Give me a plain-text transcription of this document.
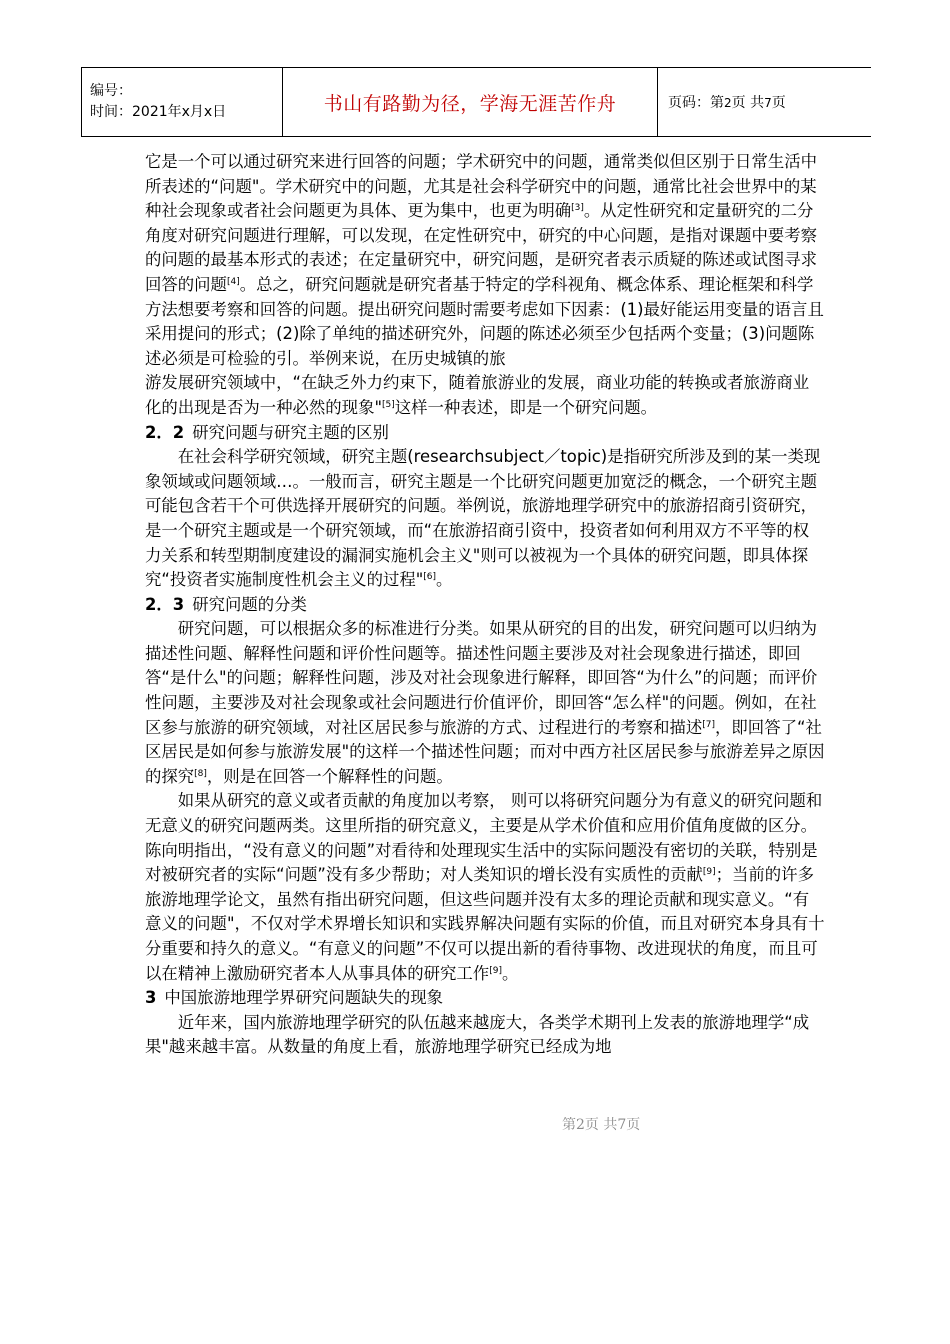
编号：
时间：2021年x月x日	书山有路勤为径，学海无涯苦作舟	页码：第2页 共7页

它是一个可以通过研究来进行回答的问题；学术研究中的问题，通常类似但区别于日常生活中所表述的“问题"。学术研究中的问题，尤其是社会科学研究中的问题，通常比社会世界中的某种社会现象或者社会问题更为具体、更为集中，也更为明确[3]。从定性研究和定量研究的二分角度对研究问题进行理解，可以发现，在定性研究中，研究的中心问题，是指对课题中要考察的问题的最基本形式的表述；在定量研究中，研究问题，是研究者表示质疑的陈述或试图寻求回答的问题[4]。总之，研究问题就是研究者基于特定的学科视角、概念体系、理论框架和科学方法想要考察和回答的问题。提出研究问题时需要考虑如下因素：(1)最好能运用变量的语言且采用提问的形式；(2)除了单纯的描述研究外，问题的陈述必须至少包括两个变量；(3)问题陈述必须是可检验的引。举例来说，在历史城镇的旅

游发展研究领域中，“在缺乏外力约束下，随着旅游业的发展，商业功能的转换或者旅游商业化的出现是否为一种必然的现象"[5]这样一种表述，即是一个研究问题。

2．2 研究问题与研究主题的区别

在社会科学研究领域，研究主题(researchsubject／topic)是指研究所涉及到的某一类现象领域或问题领域…。一般而言，研究主题是一个比研究问题更加宽泛的概念，一个研究主题可能包含若干个可供选择开展研究的问题。举例说，旅游地理学研究中的旅游招商引资研究，是一个研究主题或是一个研究领域，而“在旅游招商引资中，投资者如何利用双方不平等的权力关系和转型期制度建设的漏洞实施机会主义"则可以被视为一个具体的研究问题，即具体探究“投资者实施制度性机会主义的过程"[6]。

2．3 研究问题的分类

研究问题，可以根据众多的标准进行分类。如果从研究的目的出发，研究问题可以归纳为描述性问题、解释性问题和评价性问题等。描述性问题主要涉及对社会现象进行描述，即回答“是什么"的问题；解释性问题，涉及对社会现象进行解释，即回答“为什么”的问题；而评价性问题，主要涉及对社会现象或社会问题进行价值评价，即回答“怎么样"的问题。例如，在社区参与旅游的研究领域，对社区居民参与旅游的方式、过程进行的考察和描述[7]，即回答了“社区居民是如何参与旅游发展"的这样一个描述性问题；而对中西方社区居民参与旅游差异之原因的探究[8]，则是在回答一个解释性的问题。

如果从研究的意义或者贡献的角度加以考察， 则可以将研究问题分为有意义的研究问题和无意义的研究问题两类。这里所指的研究意义，主要是从学术价值和应用价值角度做的区分。陈向明指出，“没有意义的问题”对看待和处理现实生活中的实际问题没有密切的关联，特别是对被研究者的实际“问题”没有多少帮助；对人类知识的增长没有实质性的贡献[9]；当前的许多旅游地理学论文，虽然有指出研究问题，但这些问题并没有太多的理论贡献和现实意义。“有意义的问题"，不仅对学术界增长知识和实践界解决问题有实际的价值，而且对研究本身具有十分重要和持久的意义。“有意义的问题”不仅可以提出新的看待事物、改进现状的角度，而且可以在精神上激励研究者本人从事具体的研究工作[9]。

3 中国旅游地理学界研究问题缺失的现象

近年来，国内旅游地理学研究的队伍越来越庞大，各类学术期刊上发表的旅游地理学“成果"越来越丰富。从数量的角度上看，旅游地理学研究已经成为地

第2页 共7页
